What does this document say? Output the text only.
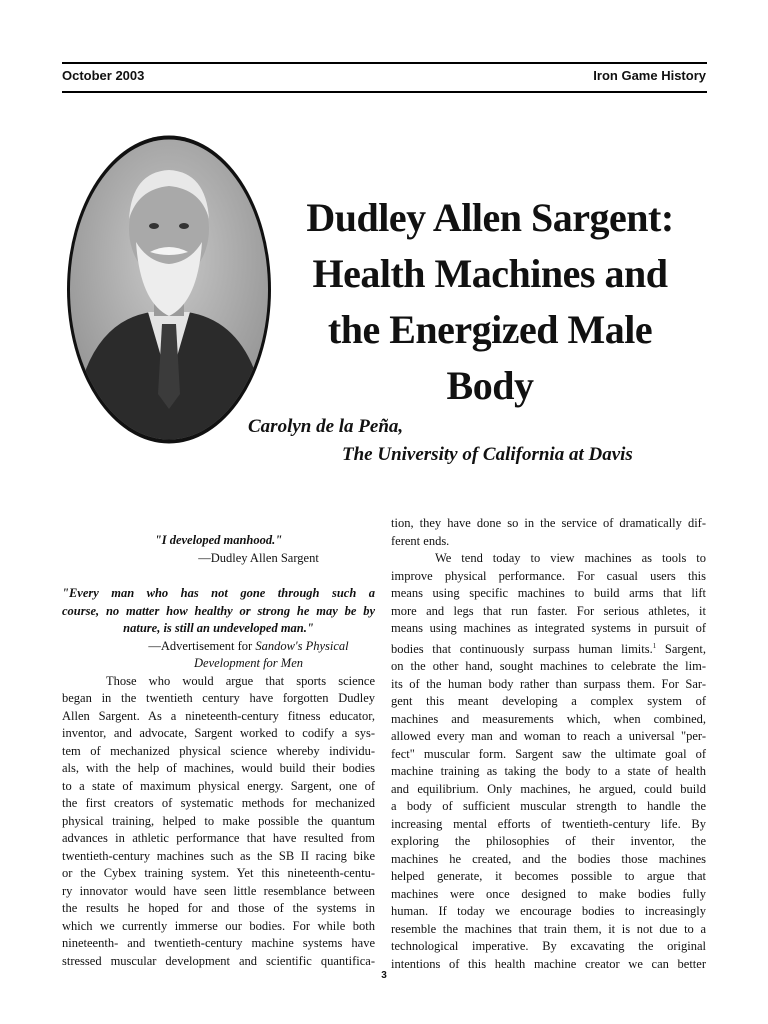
October 2003	Iron Game History
Dudley Allen Sargent:
Health Machines and
the Energized Male
Body
Carolyn de la Peña,
The University of California at Davis
"I developed manhood."
—Dudley Allen Sargent
"Every man who has not gone through such a
course, no matter how healthy or strong he may be by
nature, is still an undeveloped man."
—Advertisement for Sandow's Physical
Development for Men
Those who would argue that sports science
began in the twentieth century have forgotten Dudley
Allen Sargent. As a nineteenth-century fitness educator,
inventor, and advocate, Sargent worked to codify a sys-
tem of mechanized physical science whereby individu-
als, with the help of machines, would build their bodies
to a state of maximum physical energy. Sargent, one of
the first creators of systematic methods for mechanized
physical training, helped to make possible the quantum
advances in athletic performance that have resulted from
twentieth-century machines such as the SB II racing bike
or the Cybex training system. Yet this nineteenth-centu-
ry innovator would have seen little resemblance between
the results he hoped for and those of the systems in
which we currently immerse our bodies. For while both
nineteenth- and twentieth-century machine systems have
stressed muscular development and scientific quantifica-
tion, they have done so in the service of dramatically dif-
ferent ends.
We tend today to view machines as tools to
improve physical performance. For casual users this
means using specific machines to build arms that lift
more and legs that run faster. For serious athletes, it
means using machines as integrated systems in pursuit of
bodies that continuously surpass human limits.$^1$ Sargent,
on the other hand, sought machines to celebrate the lim-
its of the human body rather than surpass them. For Sar-
gent this meant developing a complex system of
machines and measurements which, when combined,
allowed every man and woman to reach a universal "per-
fect" muscular form. Sargent saw the ultimate goal of
machine training as taking the body to a state of health
and equilibrium. Only machines, he argued, could build
a body of sufficient muscular strength to handle the
increasing mental efforts of twentieth-century life. By
exploring the philosophies of their inventor, the
machines he created, and the bodies those machines
helped generate, it becomes possible to argue that
machines were once designed to make bodies fully
human. If today we encourage bodies to increasingly
resemble the machines that train them, it is not due to a
technological imperative. By excavating the original
intentions of this health machine creator we can better
3
